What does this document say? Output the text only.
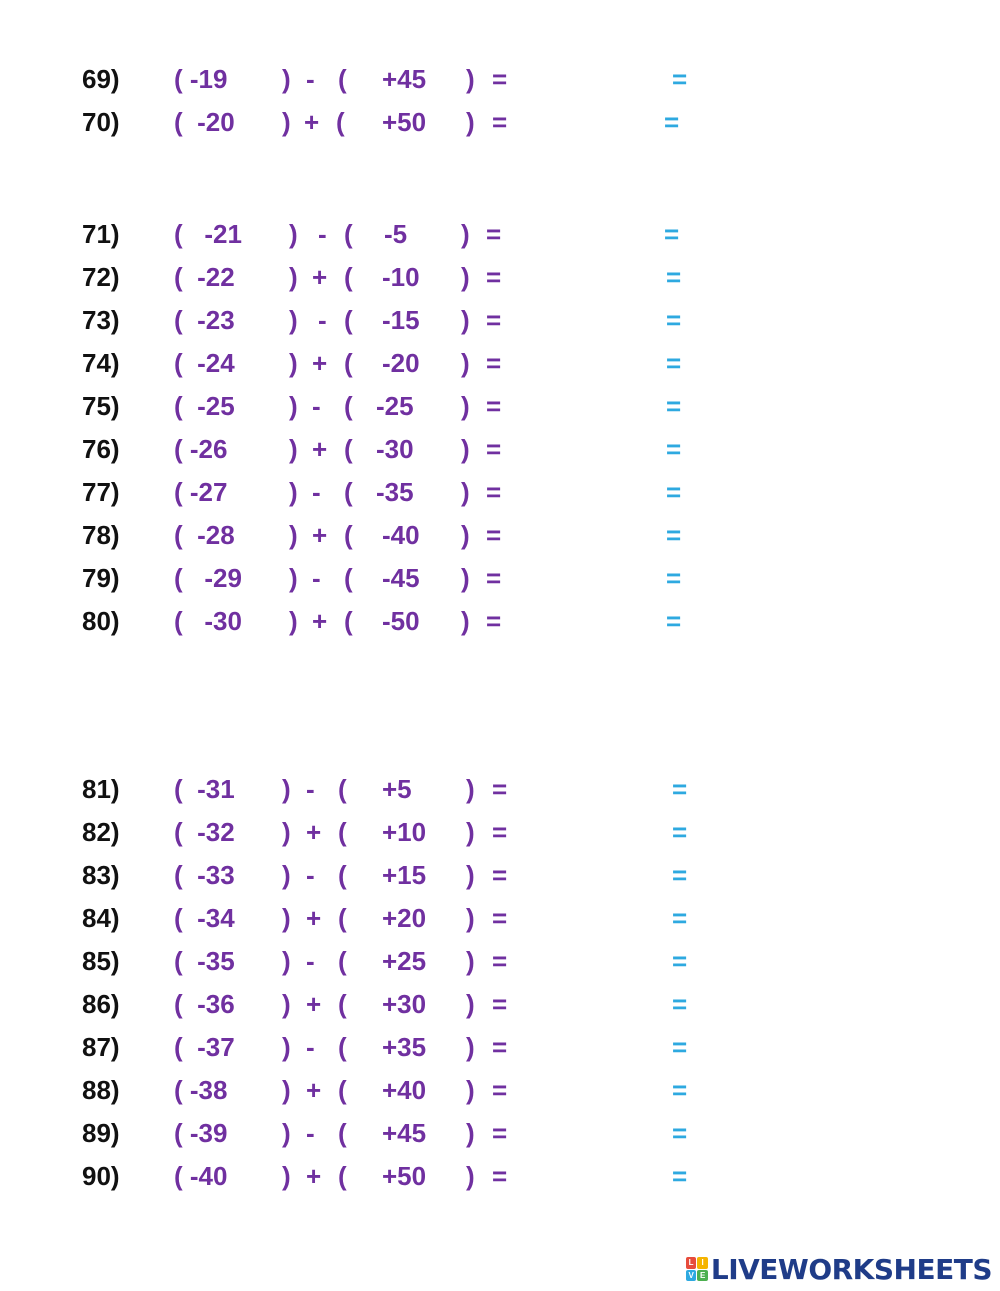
69) ( -19 ) - ( +45 ) =	=
70) (  -20 ) + ( +50 ) =	=
71) (   -21 ) - ( -5 ) =	=
72) (  -22 ) + ( -10 ) =	=
73) (  -23 ) - ( -15 ) =	=
74) (  -24 ) + ( -20 ) =	=
75) (  -25 ) - ( -25 ) =	=
76) ( -26 ) + ( -30 ) =	=
77) ( -27 ) - ( -35 ) =	=
78) (  -28 ) + ( -40 ) =	=
79) (   -29 ) - ( -45 ) =	=
80) (   -30 ) + ( -50 ) =	=
81) (  -31 ) - ( +5 ) =	=
82) (  -32 ) + ( +10 ) =	=
83) (  -33 ) - ( +15 ) =	=
84) (  -34 ) + ( +20 ) =	=
85) (  -35 ) - ( +25 ) =	=
86) (  -36 ) + ( +30 ) =	=
87) (  -37 ) - ( +35 ) =	=
88) ( -38 ) + ( +40 ) =	=
89) ( -39 ) - ( +45 ) =	=
90) ( -40 ) + ( +50 ) =	=
L I
V E LIVEWORKSHEETS
